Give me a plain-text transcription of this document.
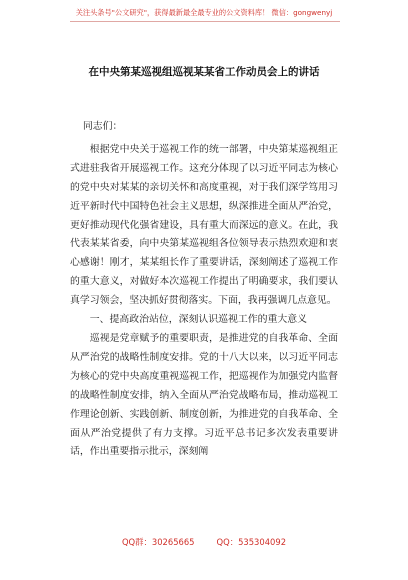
关注头条号"公文研究"，获得最新最全最专业的公文资料库！ 微信：gongwenyj
在中央第某巡视组巡视某某省工作动员会上的讲话

同志们：

根据党中央关于巡视工作的统一部署，中央第某巡视组正式进驻我省开展巡视工作。这充分体现了以习近平同志为核心的党中央对某某的亲切关怀和高度重视，对于我们深学笃用习近平新时代中国特色社会主义思想，纵深推进全面从严治党，更好推动现代化强省建设，具有重大而深远的意义。在此，我代表某某省委，向中央第某巡视组各位领导表示热烈欢迎和衷心感谢！刚才，某某组长作了重要讲话，深刻阐述了巡视工作的重大意义，对做好本次巡视工作提出了明确要求，我们要认真学习领会，坚决抓好贯彻落实。下面，我再强调几点意见。

一、提高政治站位，深刻认识巡视工作的重大意义

巡视是党章赋予的重要职责，是推进党的自我革命、全面从严治党的战略性制度安排。党的十八大以来，以习近平同志为核心的党中央高度重视巡视工作，把巡视作为加强党内监督的战略性制度安排，纳入全面从严治党战略布局，推动巡视工作理论创新、实践创新、制度创新，为推进党的自我革命、全面从严治党提供了有力支撑。习近平总书记多次发表重要讲话，作出重要指示批示，深刻阐

QQ群：30265665	QQ：535304092
